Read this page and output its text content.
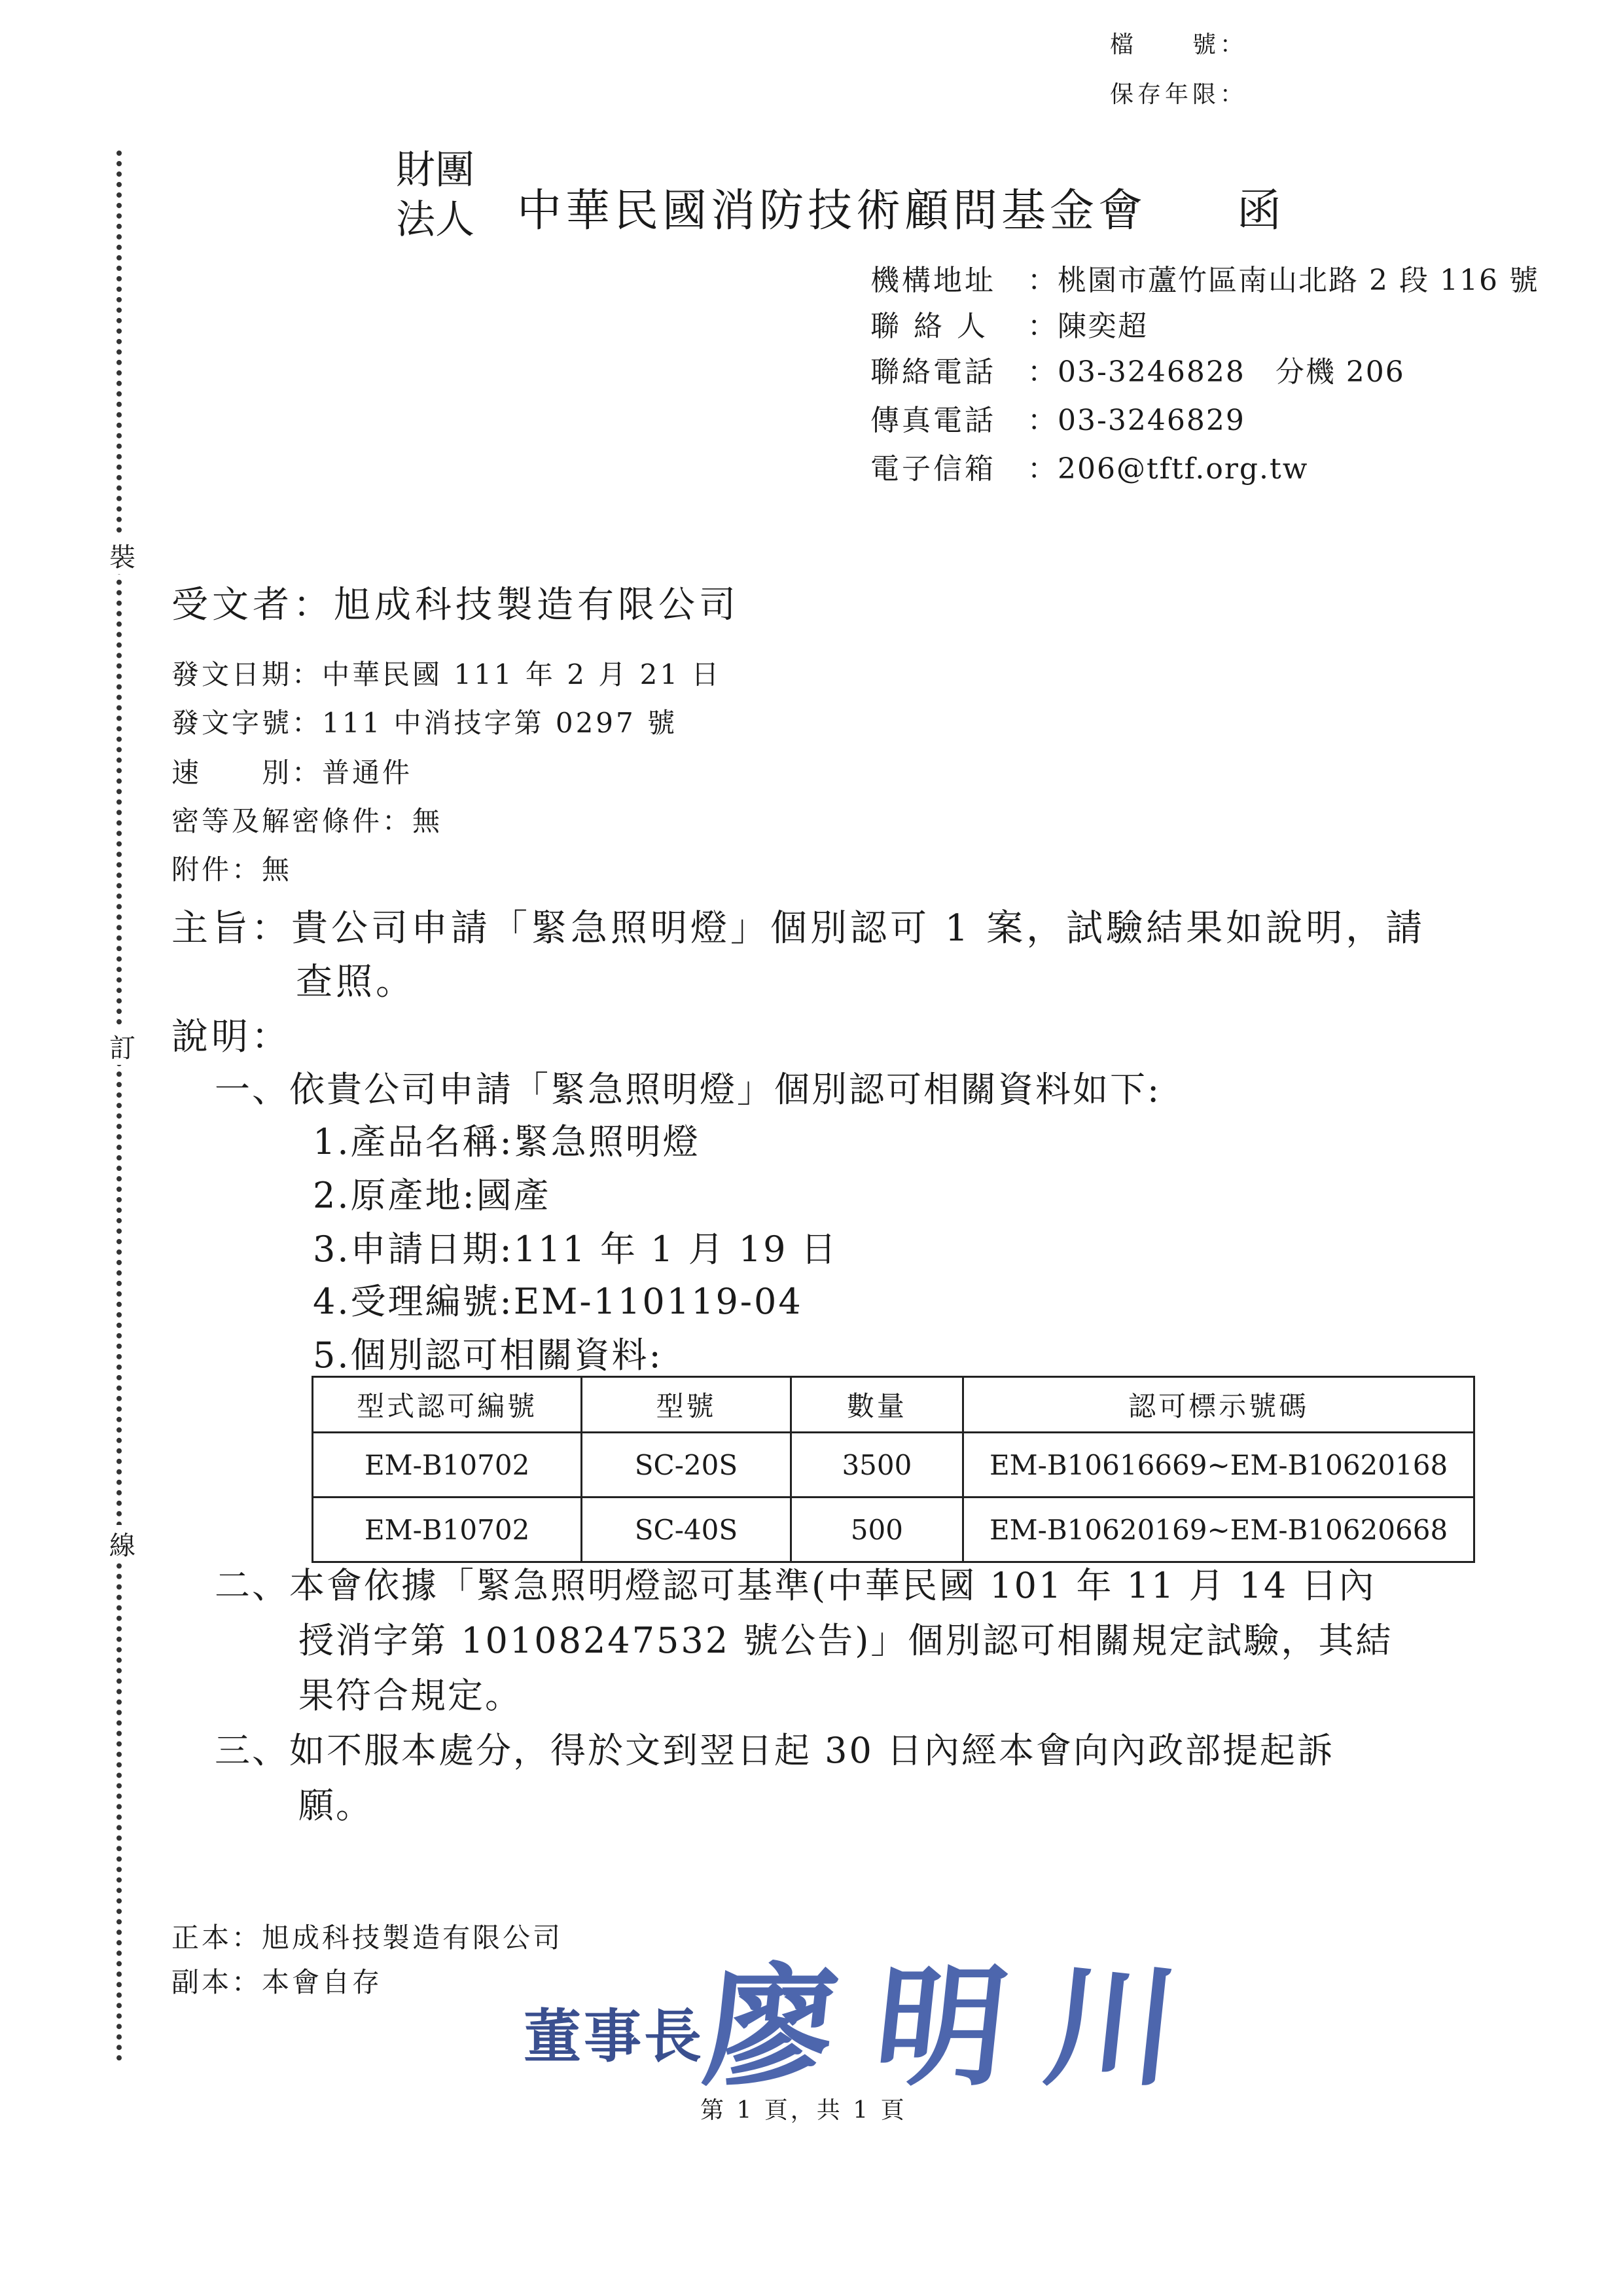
檔　　號：
保存年限：
裝
訂
線
財團
法人 中華民國消防技術顧問基金會 函
機構地址 ：桃園市蘆竹區南山北路 2 段 116 號
聯 絡 人 ：陳奕超
聯絡電話 ：03-3246828　分機 206
傳真電話 ：03-3246829
電子信箱 ：206@tftf.org.tw
受文者：旭成科技製造有限公司
發文日期：中華民國 111 年 2 月 21 日
發文字號：111 中消技字第 0297 號
速　　別：普通件
密等及解密條件：無
附件：無
主旨：貴公司申請「緊急照明燈」個別認可 1 案，試驗結果如說明，請
查照。
說明：
一、依貴公司申請「緊急照明燈」個別認可相關資料如下:
1.產品名稱:緊急照明燈
2.原產地:國產
3.申請日期:111 年 1 月 19 日
4.受理編號:EM-110119-04
5.個別認可相關資料:
型式認可編號	型號	數量	認可標示號碼
EM-B10702	SC-20S	3500	EM-B10616669~EM-B10620168
EM-B10702	SC-40S	500	EM-B10620169~EM-B10620668
二、本會依據「緊急照明燈認可基準(中華民國 101 年 11 月 14 日內
授消字第 10108247532 號公告)」個別認可相關規定試驗，其結
果符合規定。
三、如不服本處分，得於文到翌日起 30 日內經本會向內政部提起訴
願。
正本：旭成科技製造有限公司
副本：本會自存
董事長
廖明川
第 1 頁，共 1 頁
